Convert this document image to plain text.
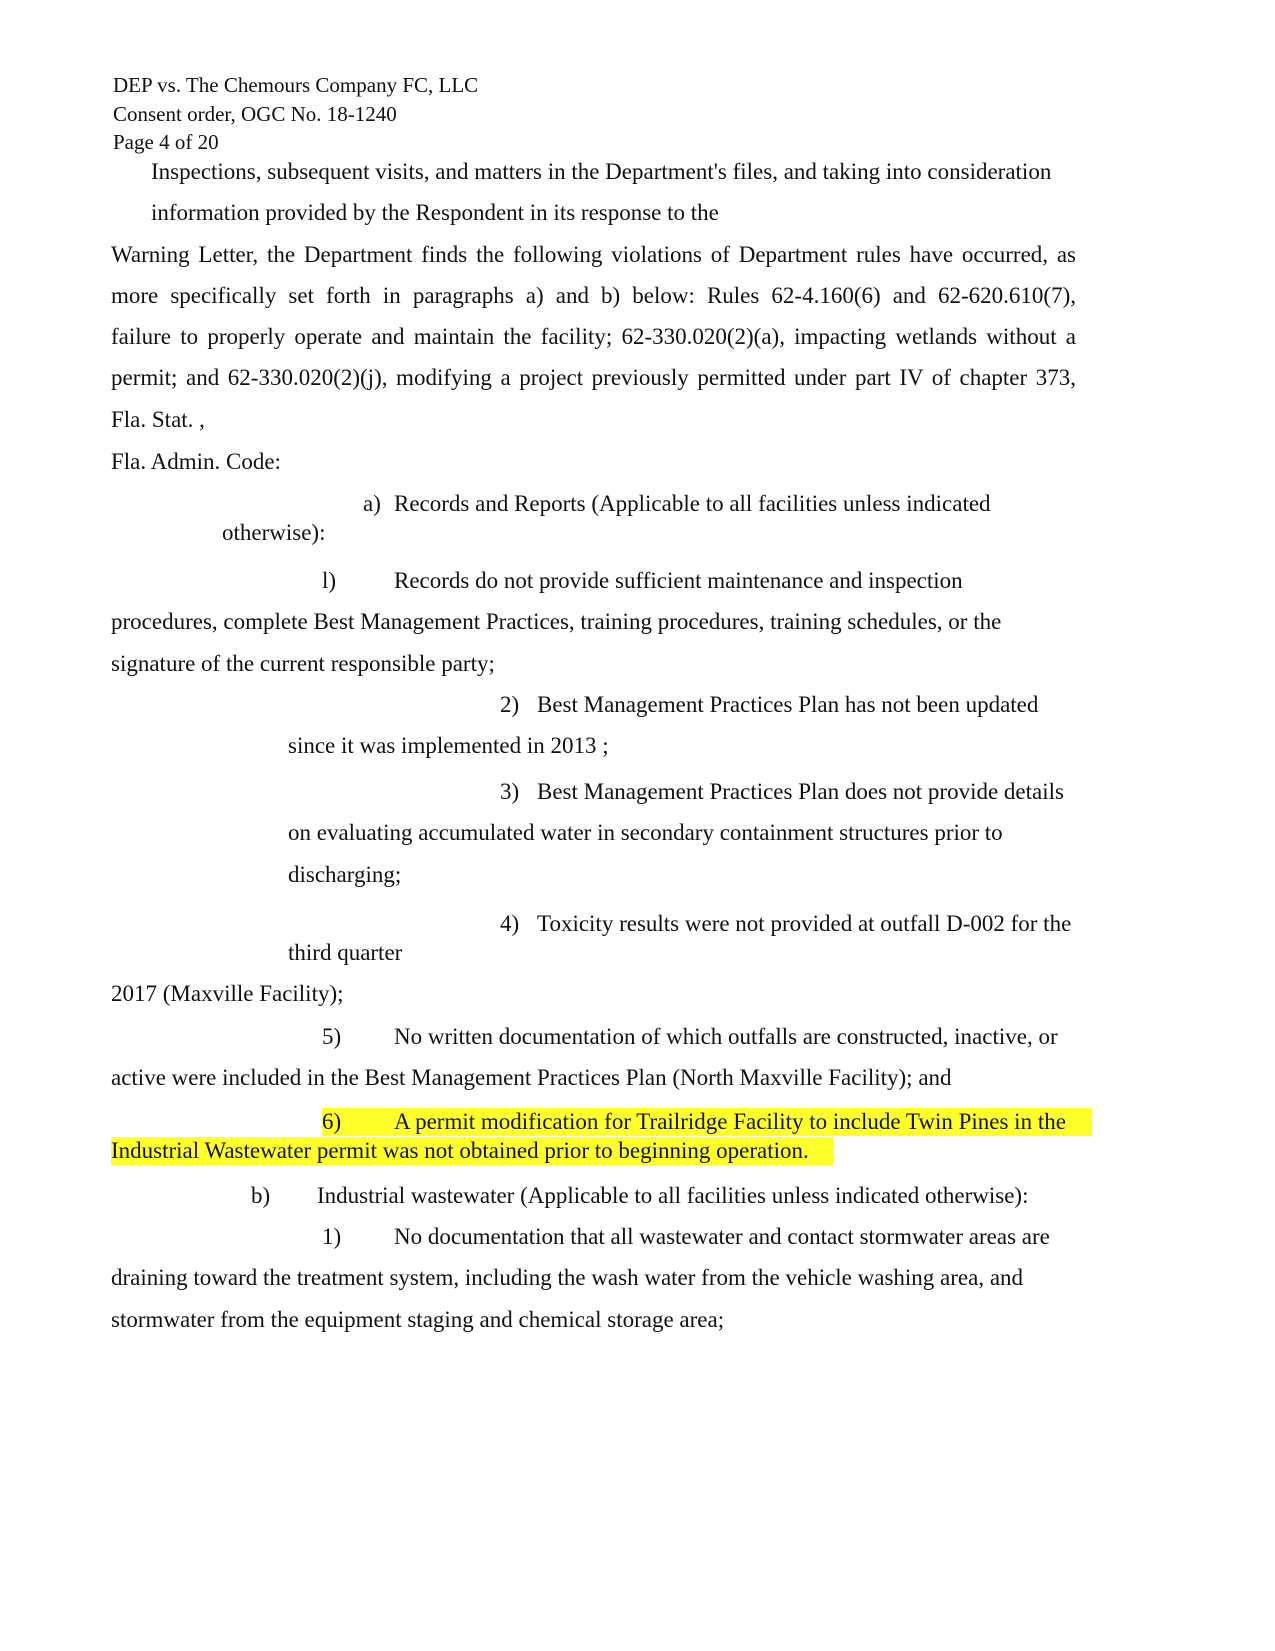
DEP vs. The Chemours Company FC, LLC
Consent order, OGC No. 18-1240
Page 4 of 20
Inspections, subsequent visits, and matters in the Department's files, and taking into consideration
information provided by the Respondent in its response to the
Warning Letter, the Department finds the following violations of Department rules have occurred, as
more specifically set forth in paragraphs a) and b) below: Rules 62-4.160(6) and 62-620.610(7),
failure to properly operate and maintain the facility; 62-330.020(2)(a), impacting wetlands without a
permit; and 62-330.020(2)(j), modifying a project previously permitted under part IV of chapter 373,
Fla. Stat. ,
Fla. Admin. Code:
a) Records and Reports (Applicable to all facilities unless indicated
otherwise):
l)	Records do not provide sufficient maintenance and inspection
procedures, complete Best Management Practices, training procedures, training schedules, or the
signature of the current responsible party;
2) Best Management Practices Plan has not been updated
since it was implemented in 2013 ;
3) Best Management Practices Plan does not provide details
on evaluating accumulated water in secondary containment structures prior to
discharging;
4) Toxicity results were not provided at outfall D-002 for the
third quarter
2017 (Maxville Facility);
5) No written documentation of which outfalls are constructed, inactive, or
active were included in the Best Management Practices Plan (North Maxville Facility); and
6) A permit modification for Trailridge Facility to include Twin Pines in the
Industrial Wastewater permit was not obtained prior to beginning operation.
b) Industrial wastewater (Applicable to all facilities unless indicated otherwise):
1) No documentation that all wastewater and contact stormwater areas are
draining toward the treatment system, including the wash water from the vehicle washing area, and
stormwater from the equipment staging and chemical storage area;
